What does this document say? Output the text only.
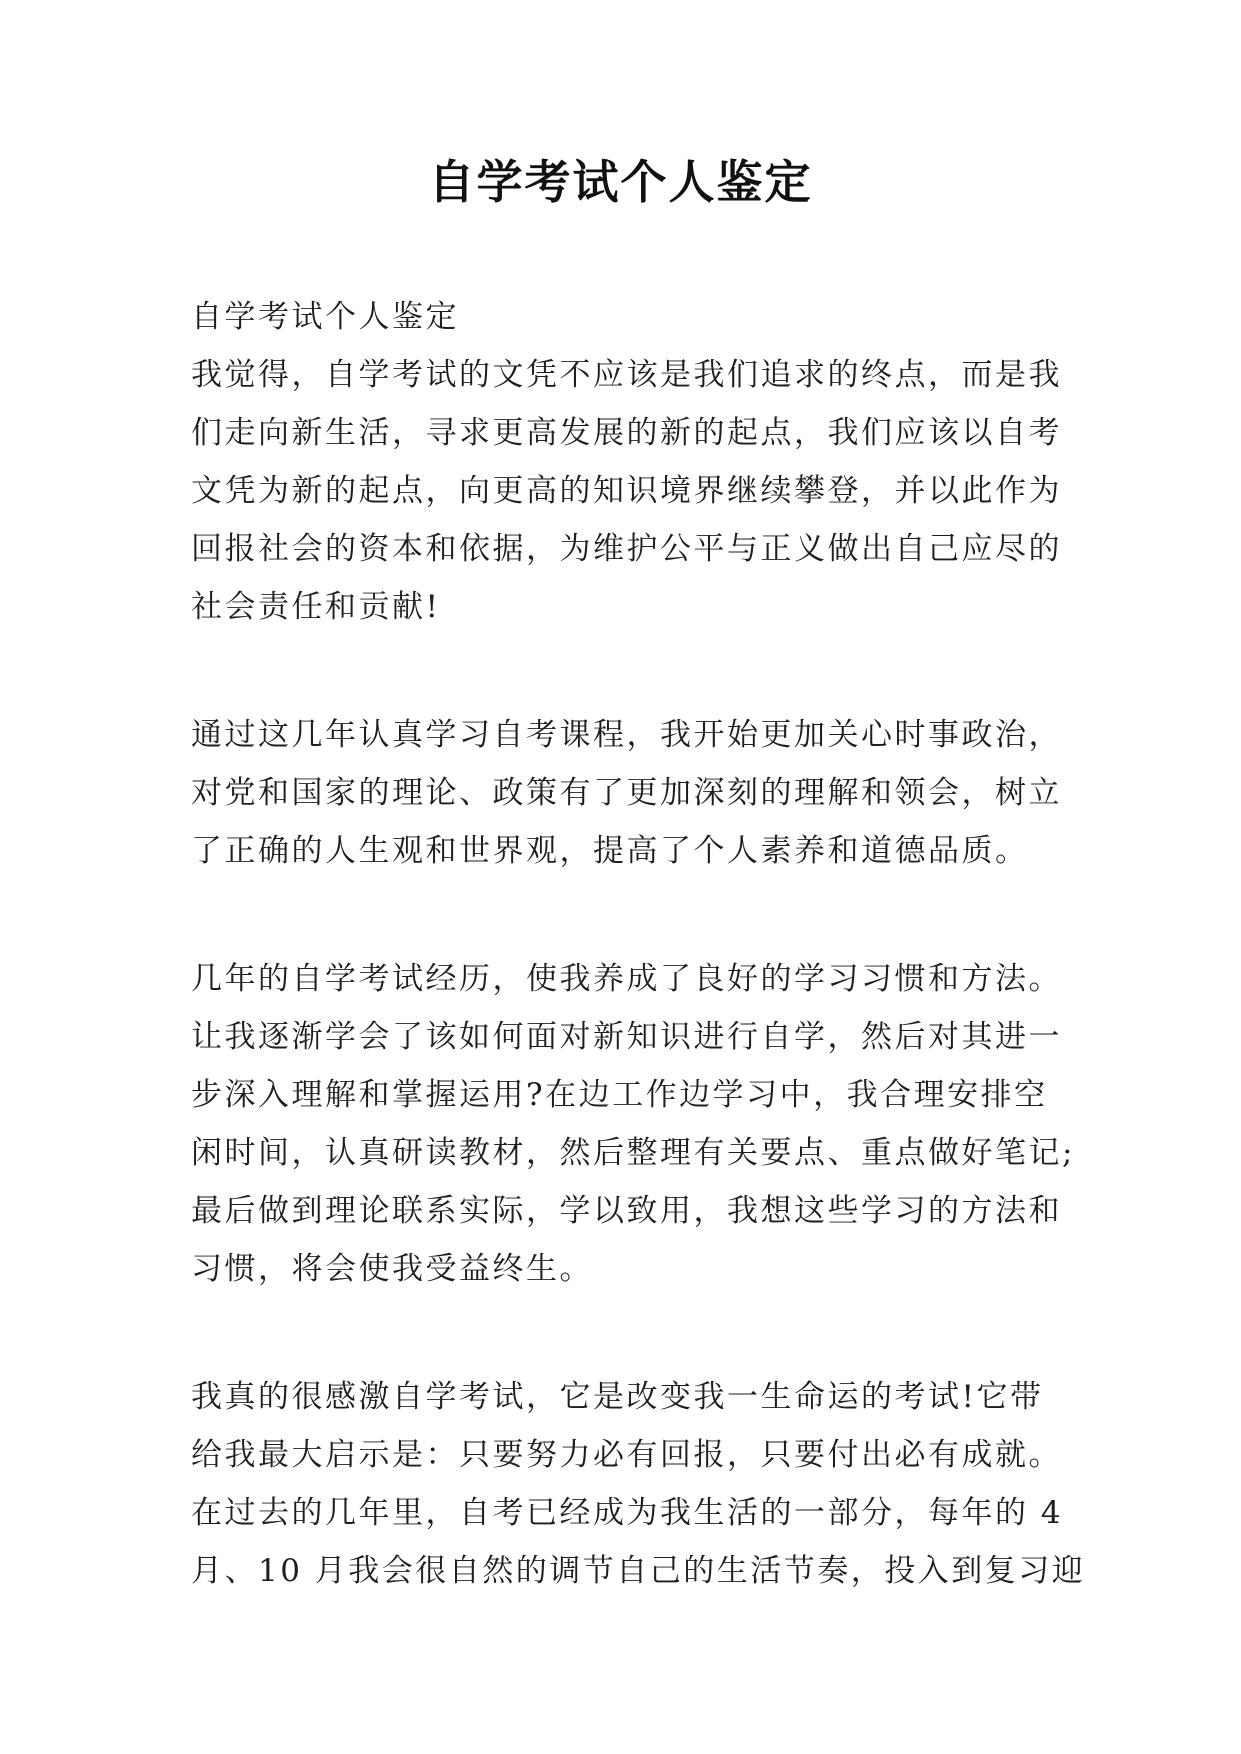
自学考试个人鉴定
自学考试个人鉴定
我觉得，自学考试的文凭不应该是我们追求的终点，而是我
们走向新生活，寻求更高发展的新的起点，我们应该以自考
文凭为新的起点，向更高的知识境界继续攀登，并以此作为
回报社会的资本和依据，为维护公平与正义做出自己应尽的
社会责任和贡献!
通过这几年认真学习自考课程，我开始更加关心时事政治，
对党和国家的理论、政策有了更加深刻的理解和领会，树立
了正确的人生观和世界观，提高了个人素养和道德品质。
几年的自学考试经历，使我养成了良好的学习习惯和方法。
让我逐渐学会了该如何面对新知识进行自学，然后对其进一
步深入理解和掌握运用?在边工作边学习中，我合理安排空
闲时间，认真研读教材，然后整理有关要点、重点做好笔记;
最后做到理论联系实际，学以致用，我想这些学习的方法和
习惯，将会使我受益终生。
我真的很感激自学考试，它是改变我一生命运的考试!它带
给我最大启示是：只要努力必有回报，只要付出必有成就。
在过去的几年里，自考已经成为我生活的一部分，每年的 4
月、10 月我会很自然的调节自己的生活节奏，投入到复习迎
